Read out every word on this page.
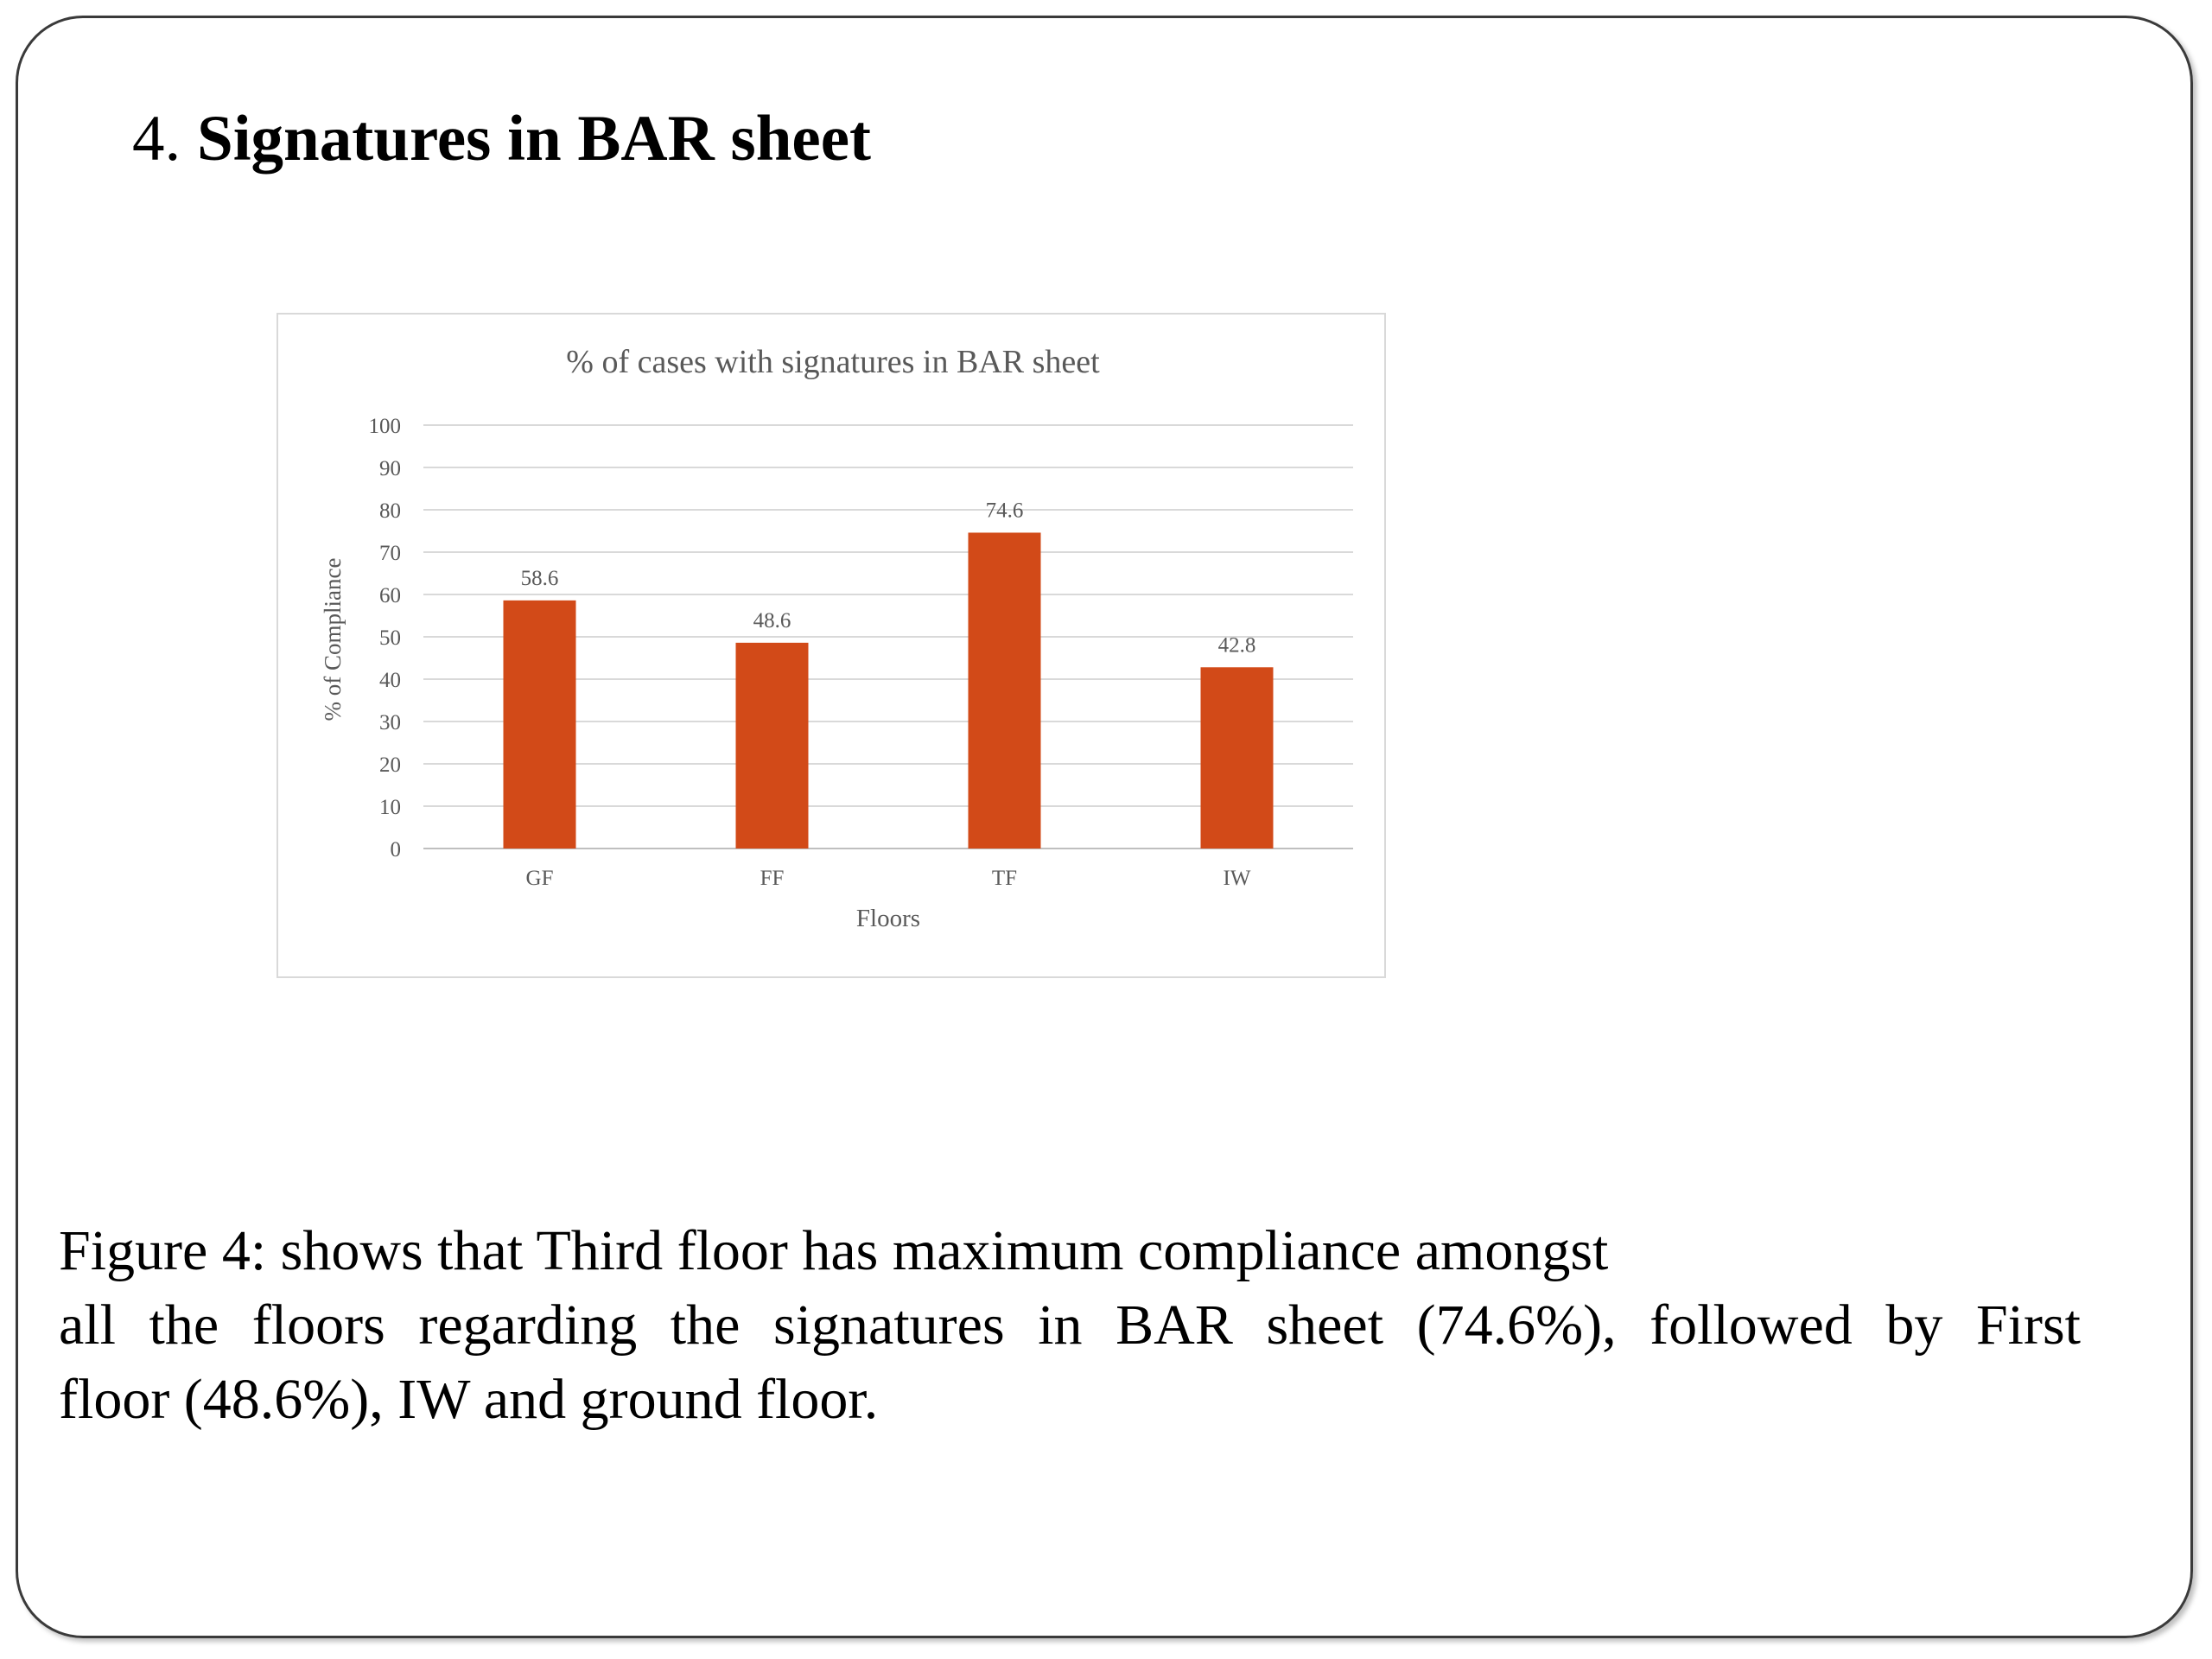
4. Signatures in BAR sheet
% of cases with signatures in BAR sheet
0
10
20
30
40
50
60
70
80
90
100
58.6
48.6
74.6
42.8
GF	FF	TF	IW
% of Compliance
Floors
Figure 4: shows that Third floor has maximum compliance amongst
all the floors regarding the signatures in BAR sheet (74.6%), followed by First
floor (48.6%), IW and ground floor.
